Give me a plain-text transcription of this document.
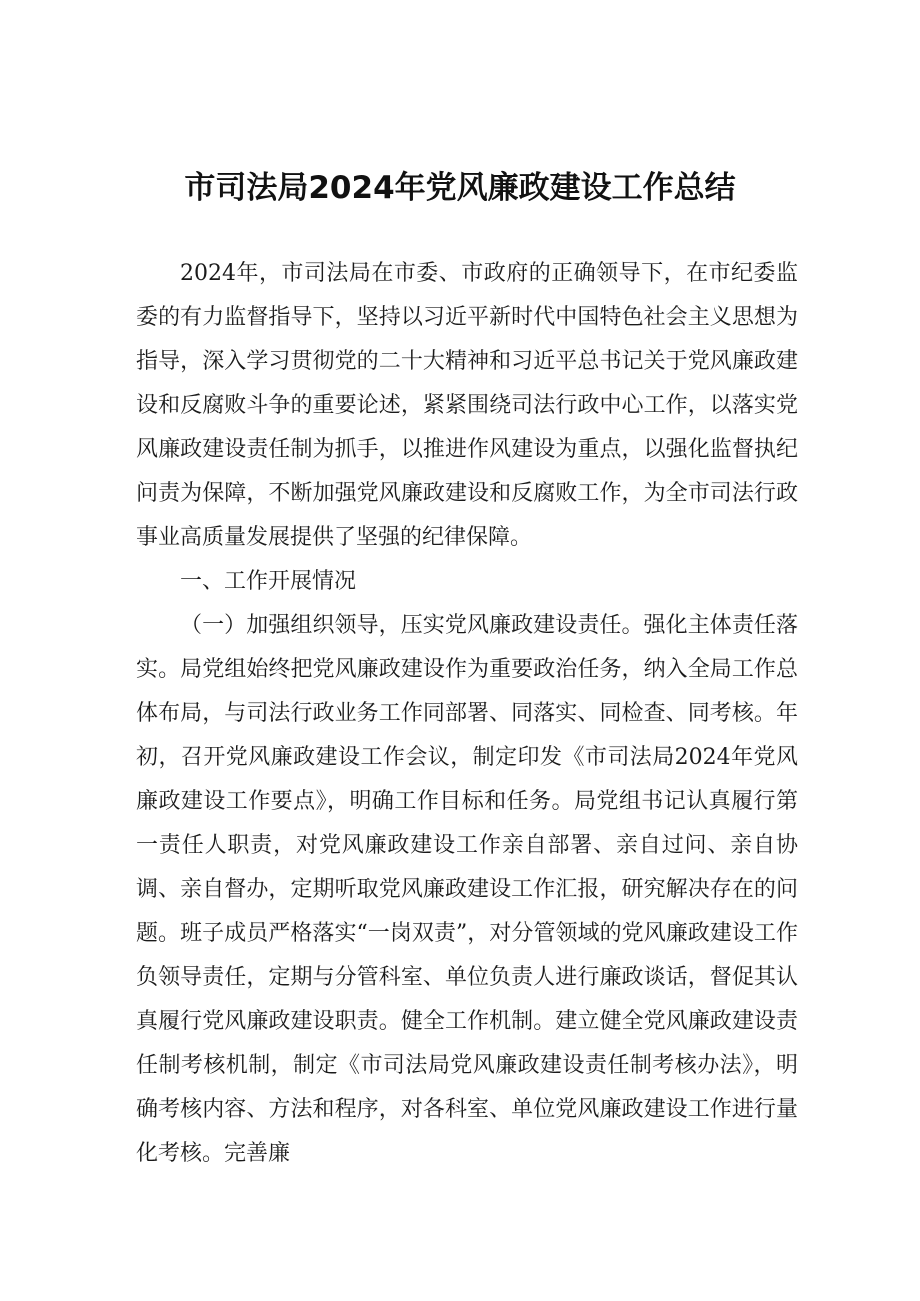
市司法局2024年党风廉政建设工作总结

2024年，市司法局在市委、市政府的正确领导下，在市纪委监委的有力监督指导下，坚持以习近平新时代中国特色社会主义思想为指导，深入学习贯彻党的二十大精神和习近平总书记关于党风廉政建设和反腐败斗争的重要论述，紧紧围绕司法行政中心工作，以落实党风廉政建设责任制为抓手，以推进作风建设为重点，以强化监督执纪问责为保障，不断加强党风廉政建设和反腐败工作，为全市司法行政事业高质量发展提供了坚强的纪律保障。

一、工作开展情况

（一）加强组织领导，压实党风廉政建设责任。强化主体责任落实。局党组始终把党风廉政建设作为重要政治任务，纳入全局工作总体布局，与司法行政业务工作同部署、同落实、同检查、同考核。年初，召开党风廉政建设工作会议，制定印发《市司法局2024年党风廉政建设工作要点》，明确工作目标和任务。局党组书记认真履行第一责任人职责，对党风廉政建设工作亲自部署、亲自过问、亲自协调、亲自督办，定期听取党风廉政建设工作汇报，研究解决存在的问题。班子成员严格落实“一岗双责”，对分管领域的党风廉政建设工作负领导责任，定期与分管科室、单位负责人进行廉政谈话，督促其认真履行党风廉政建设职责。健全工作机制。建立健全党风廉政建设责任制考核机制，制定《市司法局党风廉政建设责任制考核办法》，明确考核内容、方法和程序，对各科室、单位党风廉政建设工作进行量化考核。完善廉
